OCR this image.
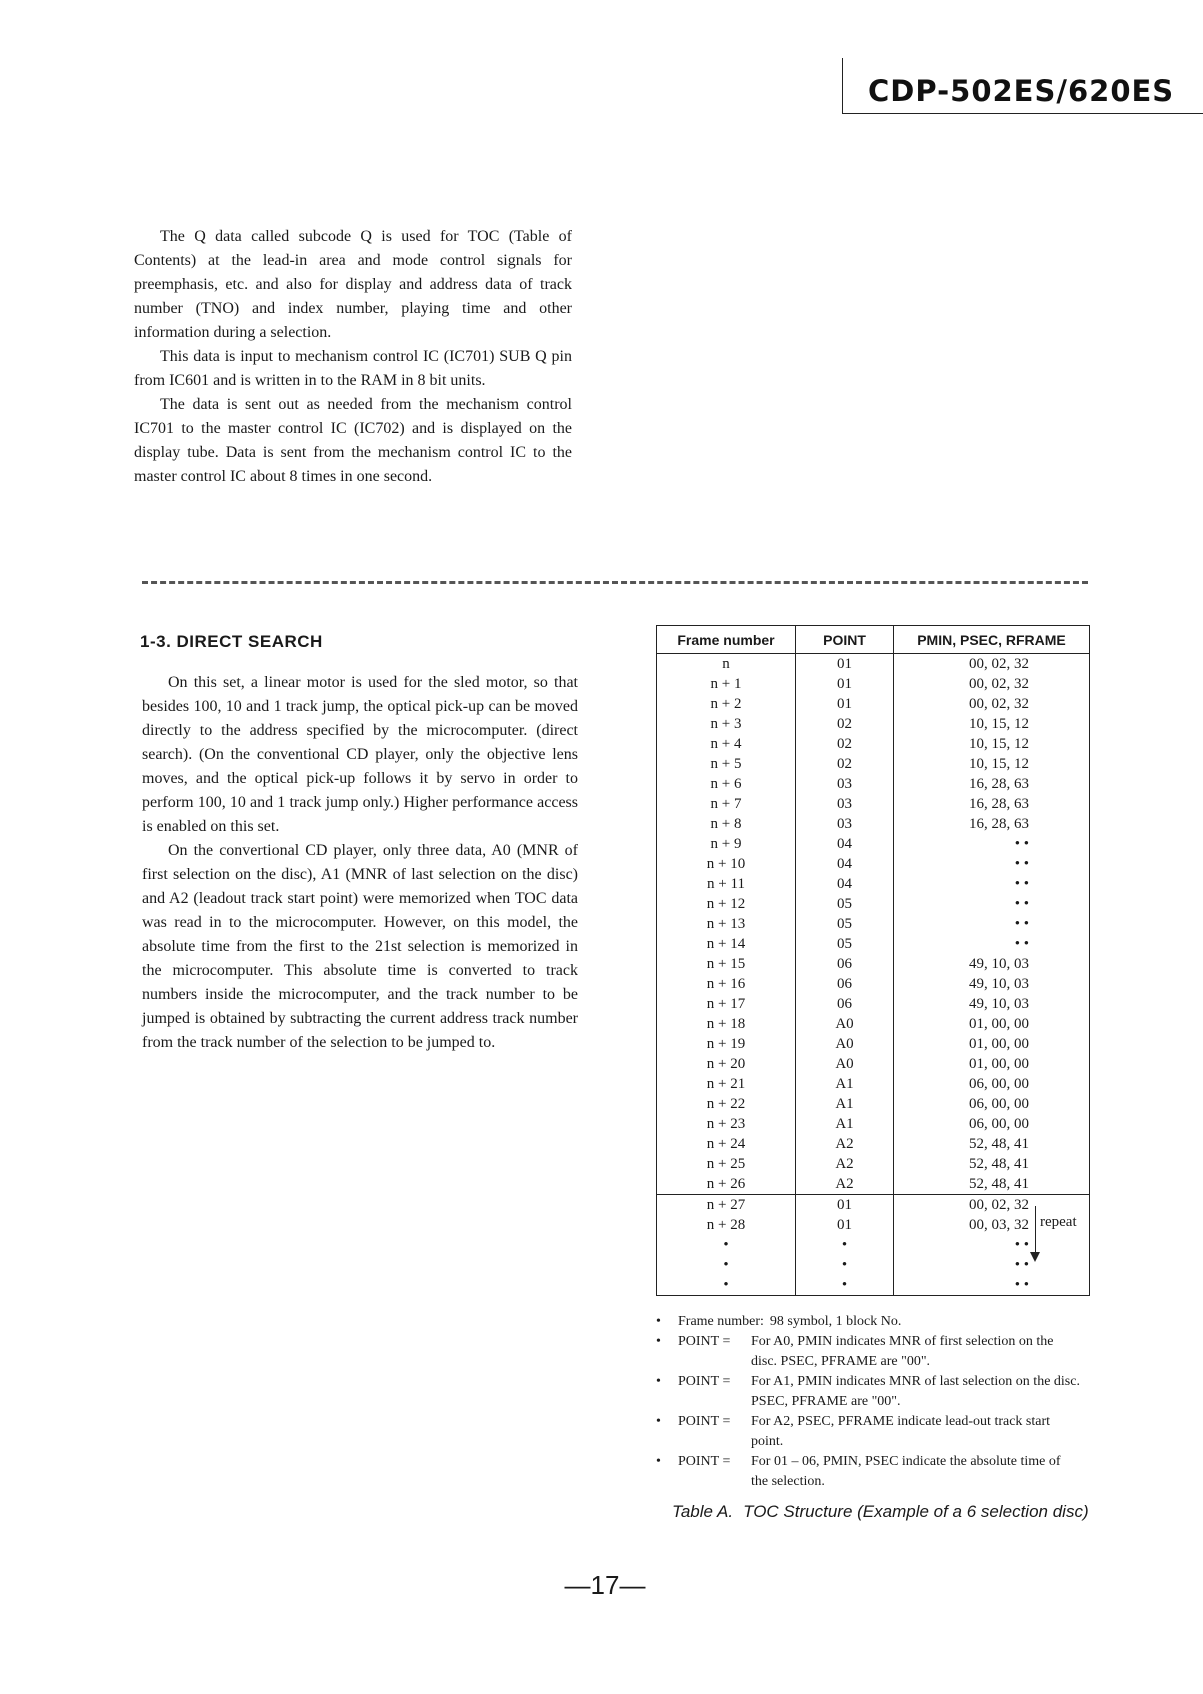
CDP-502ES/620ES

The Q data called subcode Q is used for TOC (Table of Contents) at the lead-in area and mode control signals for preemphasis, etc. and also for display and address data of track number (TNO) and index number, playing time and other information during a selection.

This data is input to mechanism control IC (IC701) SUB Q pin from IC601 and is written in to the RAM in 8 bit units.

The data is sent out as needed from the mechanism control IC701 to the master control IC (IC702) and is displayed on the display tube. Data is sent from the mechanism control IC to the master control IC about 8 times in one second.

1-3. DIRECT SEARCH

On this set, a linear motor is used for the sled motor, so that besides 100, 10 and 1 track jump, the optical pick-up can be moved directly to the address specified by the microcomputer. (direct search). (On the conventional CD player, only the objective lens moves, and the optical pick-up follows it by servo in order to perform 100, 10 and 1 track jump only.) Higher performance access is enabled on this set.

On the convertional CD player, only three data, A0 (MNR of first selection on the disc), A1 (MNR of last selection on the disc) and A2 (leadout track start point) were memorized when TOC data was read in to the microcomputer. However, on this model, the absolute time from the first to the 21st selection is memorized in the microcomputer. This absolute time is converted to track numbers inside the microcomputer, and the track number to be jumped is obtained by subtracting the current address track number from the track number of the selection to be jumped to.

Frame number	POINT	PMIN, PSEC, RFRAME
n	01	00, 02, 32
n + 1	01	00, 02, 32
n + 2	01	00, 02, 32
n + 3	02	10, 15, 12
n + 4	02	10, 15, 12
n + 5	02	10, 15, 12
n + 6	03	16, 28, 63
n + 7	03	16, 28, 63
n + 8	03	16, 28, 63
n + 9	04	• •
n + 10	04	• •
n + 11	04	• •
n + 12	05	• •
n + 13	05	• •
n + 14	05	• •
n + 15	06	49, 10, 03
n + 16	06	49, 10, 03
n + 17	06	49, 10, 03
n + 18	A0	01, 00, 00
n + 19	A0	01, 00, 00
n + 20	A0	01, 00, 00
n + 21	A1	06, 00, 00
n + 22	A1	06, 00, 00
n + 23	A1	06, 00, 00
n + 24	A2	52, 48, 41
n + 25	A2	52, 48, 41
n + 26	A2	52, 48, 41
n + 27	01	00, 02, 32
n + 28	01	00, 03, 32
•	•	• •
•	•	• •
•	•	• •
repeat
• Frame number: 98 symbol, 1 block No.
• POINT = For A0, PMIN indicates MNR of first selection on the disc. PSEC, PFRAME are "00".
• POINT = For A1, PMIN indicates MNR of last selection on the disc. PSEC, PFRAME are "00".
• POINT = For A2, PSEC, PFRAME indicate lead-out track start point.
• POINT = For 01 – 06, PMIN, PSEC indicate the absolute time of the selection.

Table A. TOC Structure (Example of a 6 selection disc)

—17—
